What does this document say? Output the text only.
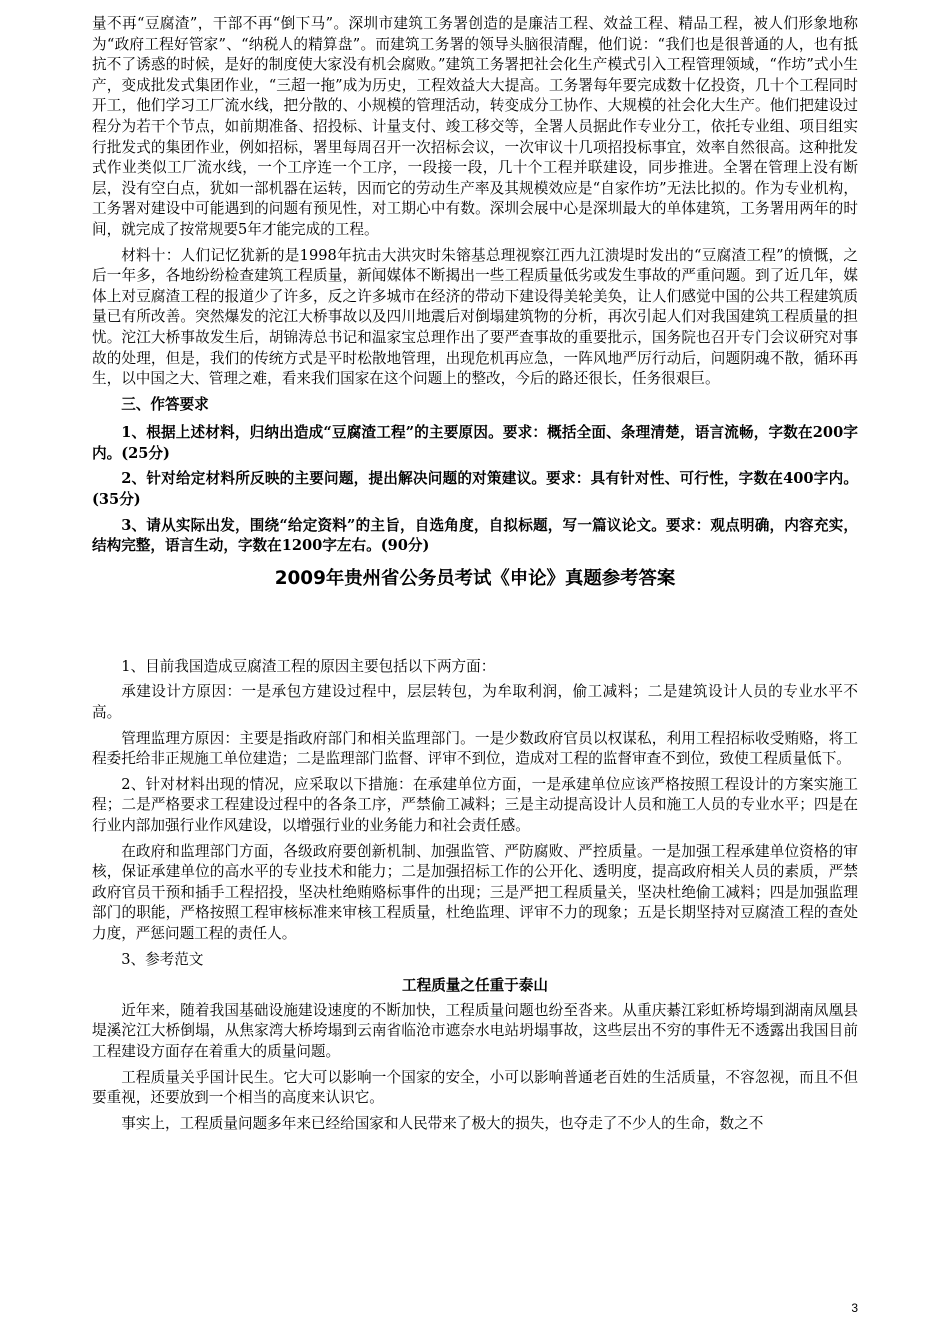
量不再“豆腐渣”，干部不再“倒下马”。深圳市建筑工务署创造的是廉洁工程、效益工程、精品工程，被人们形象地称为“政府工程好管家”、“纳税人的精算盘”。而建筑工务署的领导头脑很清醒，他们说：“我们也是很普通的人，也有抵抗不了诱惑的时候，是好的制度使大家没有机会腐败。”建筑工务署把社会化生产模式引入工程管理领域，“作坊”式小生产，变成批发式集团作业，“三超一拖”成为历史，工程效益大大提高。工务署每年要完成数十亿投资，几十个工程同时开工，他们学习工厂流水线，把分散的、小规模的管理活动，转变成分工协作、大规模的社会化大生产。他们把建设过程分为若干个节点，如前期准备、招投标、计量支付、竣工移交等，全署人员据此作专业分工，依托专业组、项目组实行批发式的集团作业，例如招标，署里每周召开一次招标会议，一次审议十几项招投标事宜，效率自然很高。这种批发式作业类似工厂流水线，一个工序连一个工序，一段接一段，几十个工程并联建设，同步推进。全署在管理上没有断层，没有空白点，犹如一部机器在运转，因而它的劳动生产率及其规模效应是“自家作坊”无法比拟的。作为专业机构，工务署对建设中可能遇到的问题有预见性，对工期心中有数。深圳会展中心是深圳最大的单体建筑，工务署用两年的时间，就完成了按常规要5年才能完成的工程。

材料十：人们记忆犹新的是1998年抗击大洪灾时朱镕基总理视察江西九江溃堤时发出的“豆腐渣工程”的愤慨，之后一年多，各地纷纷检查建筑工程质量，新闻媒体不断揭出一些工程质量低劣或发生事故的严重问题。到了近几年，媒体上对豆腐渣工程的报道少了许多，反之许多城市在经济的带动下建设得美轮美奂，让人们感觉中国的公共工程建筑质量已有所改善。突然爆发的沱江大桥事故以及四川地震后对倒塌建筑物的分析，再次引起人们对我国建筑工程质量的担忧。沱江大桥事故发生后，胡锦涛总书记和温家宝总理作出了要严查事故的重要批示，国务院也召开专门会议研究对事故的处理，但是，我们的传统方式是平时松散地管理，出现危机再应急，一阵风地严厉行动后，问题阴魂不散，循环再生，以中国之大、管理之难，看来我们国家在这个问题上的整改，今后的路还很长，任务很艰巨。

三、作答要求

1、根据上述材料，归纳出造成“豆腐渣工程”的主要原因。要求：概括全面、条理清楚，语言流畅，字数在200字内。(25分)

2、针对给定材料所反映的主要问题，提出解决问题的对策建议。要求：具有针对性、可行性，字数在400字内。 (35分)

3、请从实际出发，围绕“给定资料”的主旨，自选角度，自拟标题，写一篇议论文。要求：观点明确，内容充实，结构完整，语言生动，字数在1200字左右。(90分)

2009年贵州省公务员考试《申论》真题参考答案

1、目前我国造成豆腐渣工程的原因主要包括以下两方面：

承建设计方原因：一是承包方建设过程中，层层转包，为牟取利润，偷工减料；二是建筑设计人员的专业水平不高。

管理监理方原因：主要是指政府部门和相关监理部门。一是少数政府官员以权谋私，利用工程招标收受贿赂，将工程委托给非正规施工单位建造；二是监理部门监督、评审不到位，造成对工程的监督审查不到位，致使工程质量低下。

2、针对材料出现的情况，应采取以下措施：在承建单位方面，一是承建单位应该严格按照工程设计的方案实施工程；二是严格要求工程建设过程中的各条工序，严禁偷工减料；三是主动提高设计人员和施工人员的专业水平；四是在行业内部加强行业作风建设，以增强行业的业务能力和社会责任感。

在政府和监理部门方面，各级政府要创新机制、加强监管、严防腐败、严控质量。一是加强工程承建单位资格的审核，保证承建单位的高水平的专业技术和能力；二是加强招标工作的公开化、透明度，提高政府相关人员的素质，严禁政府官员干预和插手工程招投，坚决杜绝贿赂标事件的出现；三是严把工程质量关，坚决杜绝偷工减料；四是加强监理部门的职能，严格按照工程审核标准来审核工程质量，杜绝监理、评审不力的现象；五是长期坚持对豆腐渣工程的查处力度，严惩问题工程的责任人。

3、参考范文

工程质量之任重于泰山

近年来，随着我国基础设施建设速度的不断加快，工程质量问题也纷至沓来。从重庆綦江彩虹桥垮塌到湖南凤凰县堤溪沱江大桥倒塌，从焦家湾大桥垮塌到云南省临沧市遮奈水电站坍塌事故，这些层出不穷的事件无不透露出我国目前工程建设方面存在着重大的质量问题。

工程质量关乎国计民生。它大可以影响一个国家的安全，小可以影响普通老百姓的生活质量，不容忽视，而且不但要重视，还要放到一个相当的高度来认识它。

事实上，工程质量问题多年来已经给国家和人民带来了极大的损失，也夺走了不少人的生命，数之不

3
